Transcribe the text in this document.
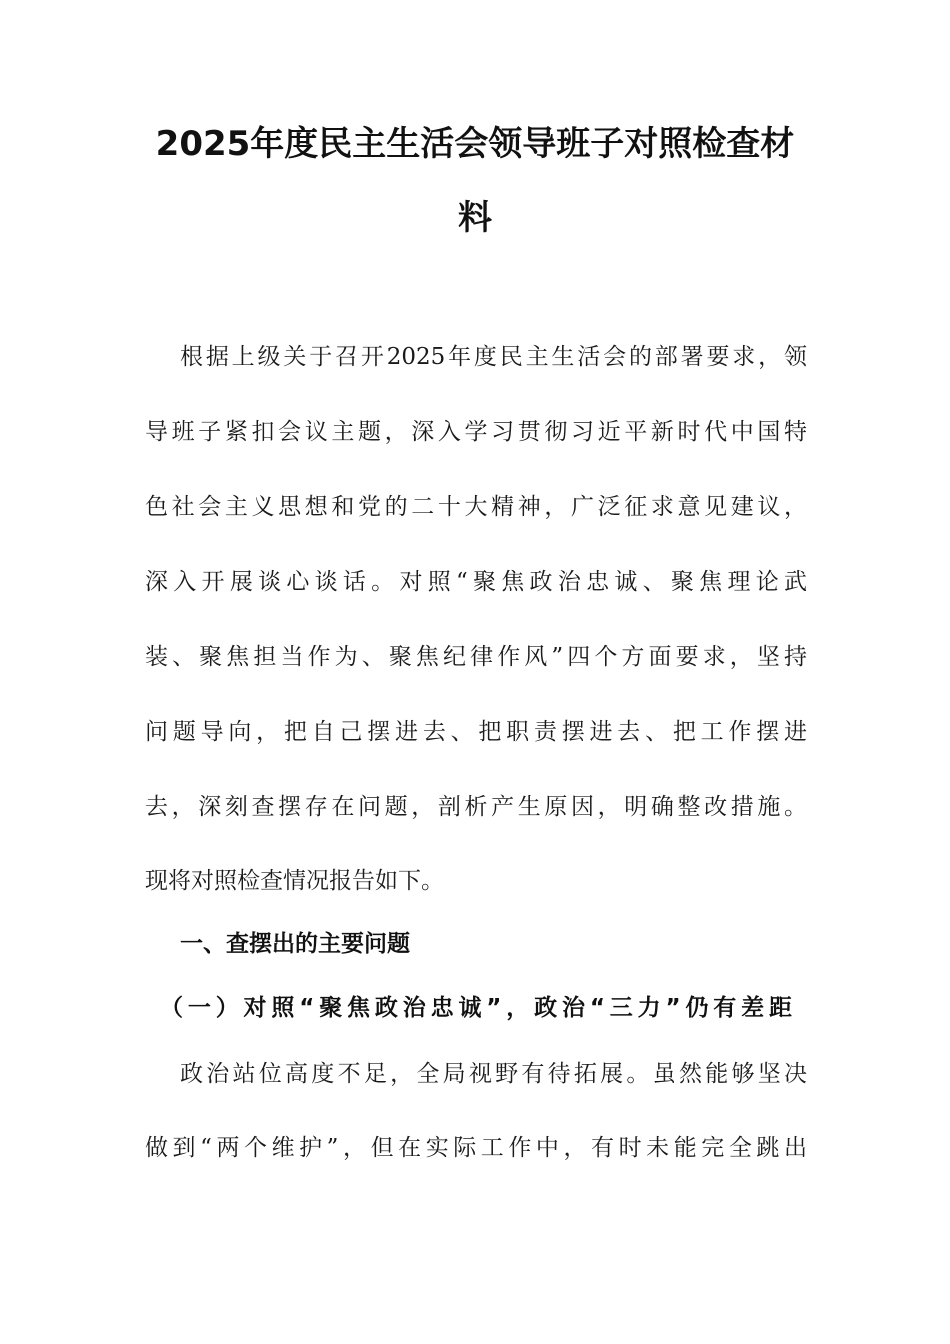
2025年度民主生活会领导班子对照检查材
料
根据上级关于召开2025年度民主生活会的部署要求，领
导班子紧扣会议主题，深入学习贯彻习近平新时代中国特
色社会主义思想和党的二十大精神，广泛征求意见建议，
深入开展谈心谈话。对照“聚焦政治忠诚、聚焦理论武
装、聚焦担当作为、聚焦纪律作风”四个方面要求，坚持
问题导向，把自己摆进去、把职责摆进去、把工作摆进
去，深刻查摆存在问题，剖析产生原因，明确整改措施。
现将对照检查情况报告如下。
一、查摆出的主要问题
（一）对照“聚焦政治忠诚”，政治“三力”仍有差距
政治站位高度不足，全局视野有待拓展。虽然能够坚决
做到“两个维护”，但在实际工作中，有时未能完全跳出
